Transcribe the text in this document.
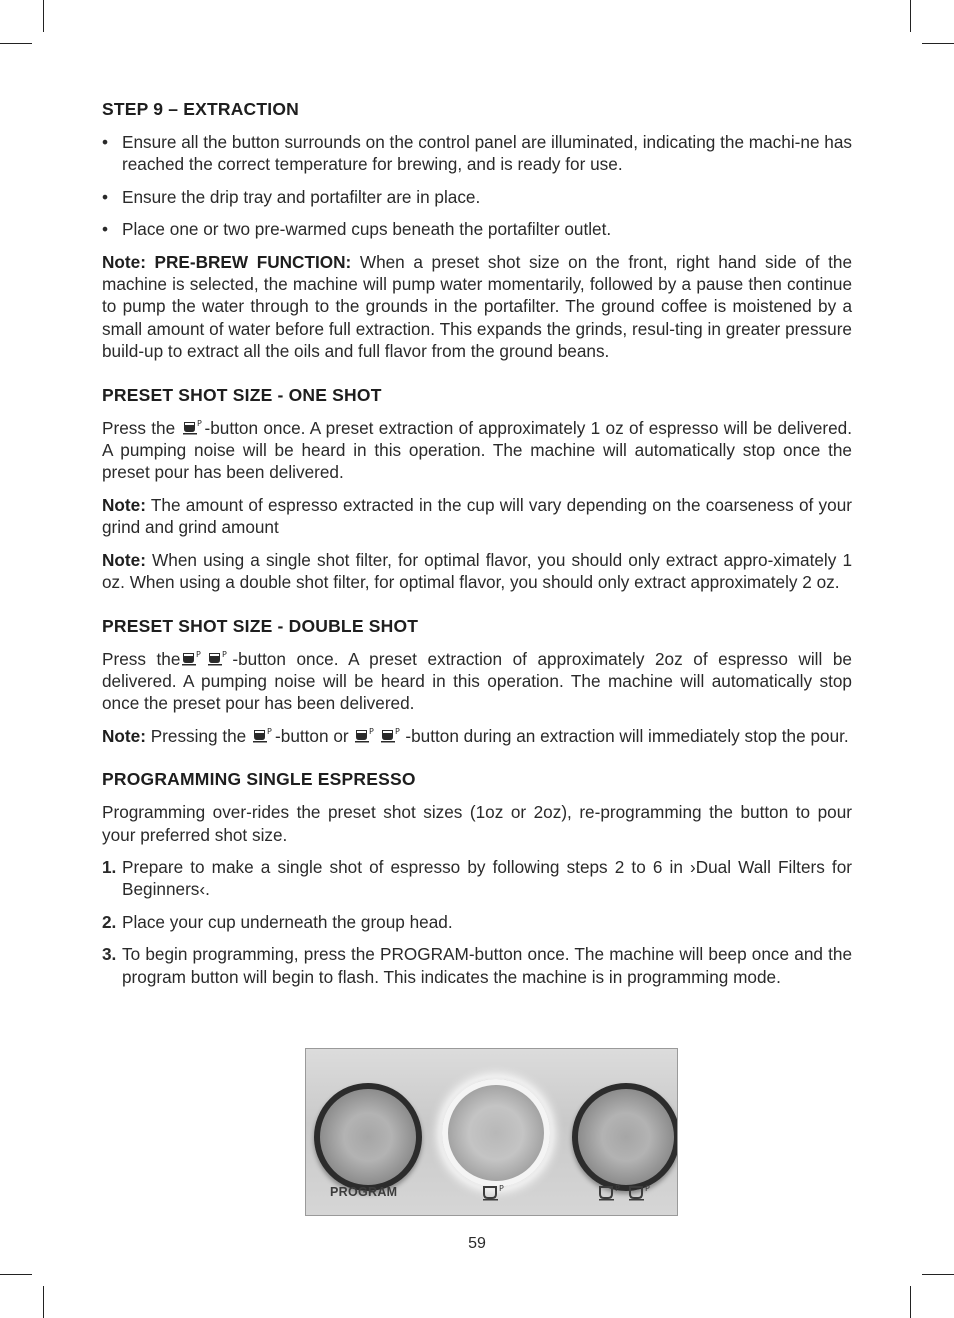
STEP 9 – EXTRACTION
• Ensure all the button surrounds on the control panel are illuminated, indicating the machi-ne has reached the correct temperature for brewing, and is ready for use.
• Ensure the drip tray and portafilter are in place.
• Place one or two pre-warmed cups beneath the portafilter outlet.

Note: PRE-BREW FUNCTION: When a preset shot size on the front, right hand side of the machine is selected, the machine will pump water momentarily, followed by a pause then continue to pump the water through to the grounds in the portafilter. The ground coffee is moistened by a small amount of water before full extraction. This expands the grinds, resul-ting in greater pressure build-up to extract all the oils and full flavor from the ground beans.

PRESET SHOT SIZE - ONE SHOT

Press the	P -button once. A preset extraction of approximately 1 oz of espresso will be delivered. A pumping noise will be heard in this operation. The machine will automatically stop once the preset pour has been delivered.

Note: The amount of espresso extracted in the cup will vary depending on the coarseness of your grind and grind amount

Note: When using a single shot filter, for optimal flavor, you should only extract appro-ximately 1 oz. When using a double shot filter, for optimal flavor, you should only extract approximately 2 oz.

PRESET SHOT SIZE - DOUBLE SHOT

Press the P	P -button once. A preset extraction of approximately 2oz of espresso will be delivered. A pumping noise will be heard in this operation. The machine will automatically stop once the preset pour has been delivered.

Note: Pressing the	P -button or	P	P -button during an extraction will immediately stop the pour.

PROGRAMMING SINGLE ESPRESSO

Programming over-rides the preset shot sizes (1oz or 2oz), re-programming the button to pour your preferred shot size.

1. Prepare to make a single shot of espresso by following steps 2 to 6 in ›Dual Wall Filters for Beginners‹.
2. Place your cup underneath the group head.
3. To begin programming, press the PROGRAM-button once. The machine will beep once and the program button will begin to flash. This indicates the machine is in programming mode.
PROGRAM	P	P	P
59
